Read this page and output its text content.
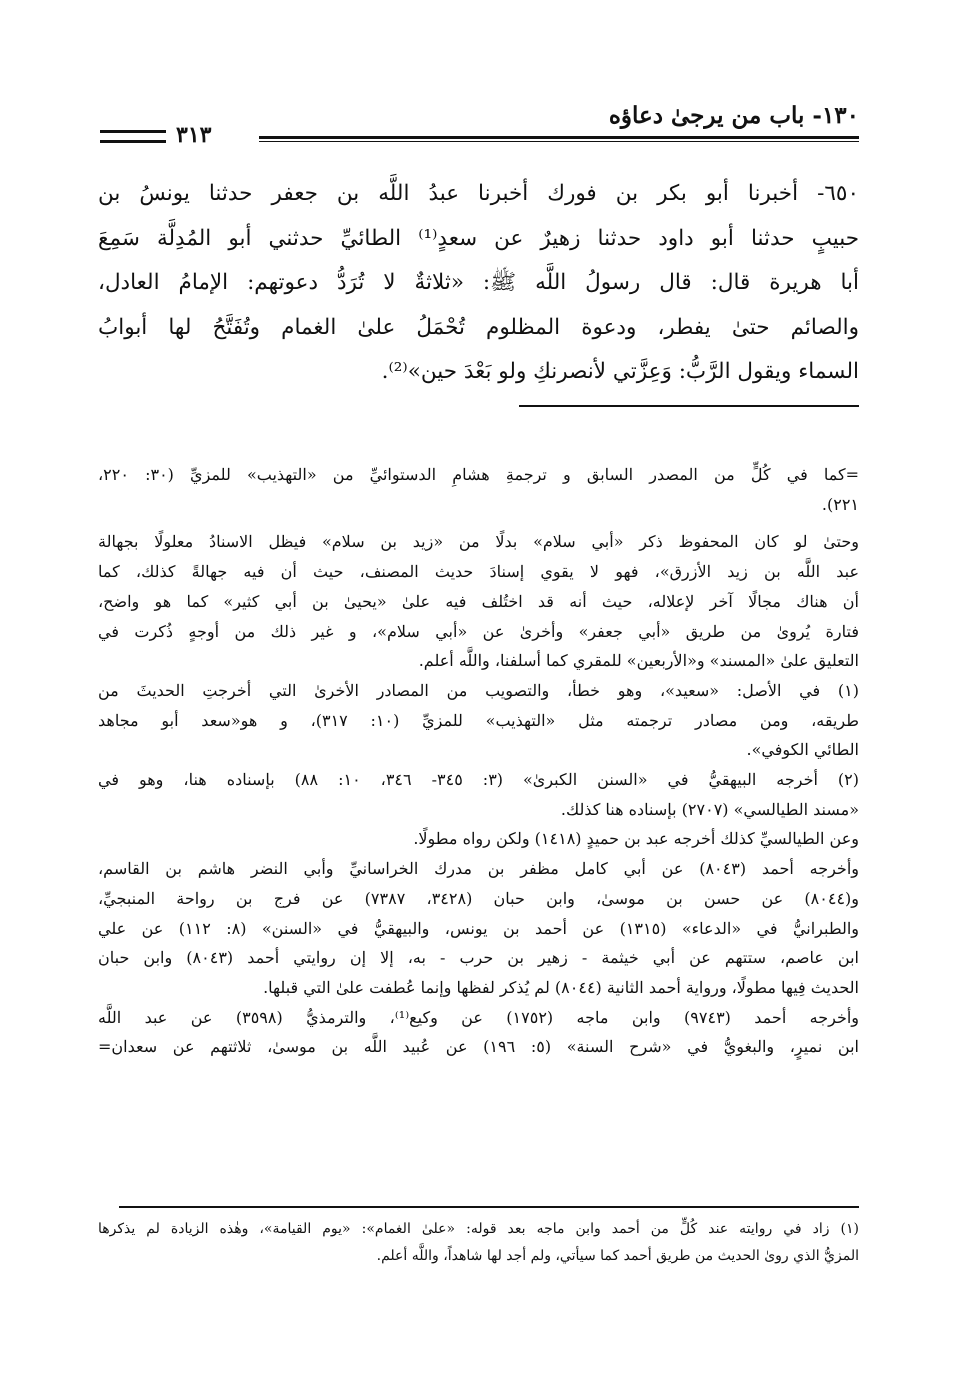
١٣٠- باب من يرجىٰ دعاؤه
٣١٣
٦٥٠- أخبرنا أبو بكر بن فورك أخبرنا عبدُ اللَّه بن جعفر حدثنا يونسُ بن
حبيبٍ حدثنا أبو داود حدثنا زهيرٌ عن سعدٍ⁽¹⁾ الطائيِّ حدثني أبو المُدِلَّة سَمِعَ
أبا هريرة قال: قال رسولُ اللَّه ﷺ: «ثلاثةٌ لا تُرَدُّ دعوتهم: الإمامُ العادل،
والصائم حتىٰ يفطر، ودعوة المظلوم تُحْمَلُ علىٰ الغمام وتُفَتَّحُ لها أبوابُ
السماء ويقول الرَّبُّ: وَعِزَّتي لأنصرنكِ ولو بَعْدَ حين»⁽²⁾.
=كما في كُلٍّ من المصدر السابق و ترجمةِ هشامِ الدستوائيِّ من «التهذيب» للمزيِّ (٣٠: ٢٢٠،
٢٢١).
وحتىٰ لو كان المحفوظ ذكر «أبي سلام» بدلًا من «زيد بن سلام» فيظل الاسنادُ معلولًا بجهالة
عبد اللَّه بن زيد الأزرق»، فهو لا يقوي إسنادَ حديث المصنف، حيث أن فيه جهالةً كذلك، كما
أن هناك مجالًا آخر لإعلاله، حيث أنه قد اختُلف فيه علىٰ «يحيىٰ بن أبي كثير» كما هو واضح،
فتارة يُروىٰ من طريق «أبي جعفر» وأخرىٰ عن «أبي سلام»، و غير ذلك من أوجهٍ ذُكرت في
التعليق علىٰ «المسند» و«الأربعين» للمقري كما أسلفنا، واللَّه أعلم.
(١) في الأصل: «سعيد»، وهو خطأ، والتصويب من المصادر الأخرىٰ التي أخرجتِ الحديثَ من
طريقه، ومن مصادر ترجمته مثل «التهذيب» للمزيِّ (١٠: ٣١٧)، و هو«سعد أبو مجاهد
الطائي الكوفي».
(٢) أخرجه البيهقيُّ في «السنن الكبرىٰ» (٣: ٣٤٥- ٣٤٦، ١٠: ٨٨) بإسناده هنا، وهو في
«مسند الطيالسي» (٢٧٠٧) بإسناده هنا كذلك.
وعن الطيالسيِّ كذلك أخرجه عبد بن حميدٍ (١٤١٨) ولكن رواه مطولًا.
وأخرجه أحمد (٨٠٤٣) عن أبي كامل مظفر بن مدرك الخراسانيِّ وأبي النضر هاشم بن القاسم،
و(٨٠٤٤) عن حسن بن موسىٰ، وابن حبان (٣٤٢٨، ٧٣٨٧) عن فرج بن رواحة المنبجيِّ،
والطبرانيُّ في «الدعاء» (١٣١٥) عن أحمد بن يونس، والبيهقيُّ في «السنن» (٨: ١١٢) عن علي
ابن عاصم، ستتهم عن أبي خيثمة - زهير بن حرب - به، إلا إن روايتي أحمد (٨٠٤٣) وابن حبان
الحديث فِيها مطولًا، ورواية أحمد الثانية (٨٠٤٤) لم يُذكر لفظها وإنما عُطفت علىٰ التي قبلها.
وأخرجه أحمد (٩٧٤٣) وابن ماجه (١٧٥٢) عن وكيع⁽¹⁾، والترمذيُّ (٣٥٩٨) عن عبد اللَّه
ابن نميرٍ، والبغويُّ في «شرح السنة» (٥: ١٩٦) عن عُبيد اللَّه بن موسىٰ، ثلاثتهم عن سعدان=
(١) زاد في روايته عند كُلٍّ من أحمد وابن ماجه بعد قوله: «علىٰ الغمام»: «يوم القيامة»، وهٰذه الزيادة لم يذكرها
المزيُّ الذي روىٰ الحديث من طريق أحمد كما سيأتي، ولم أجد لها شاهداً، واللَّه أعلم.
